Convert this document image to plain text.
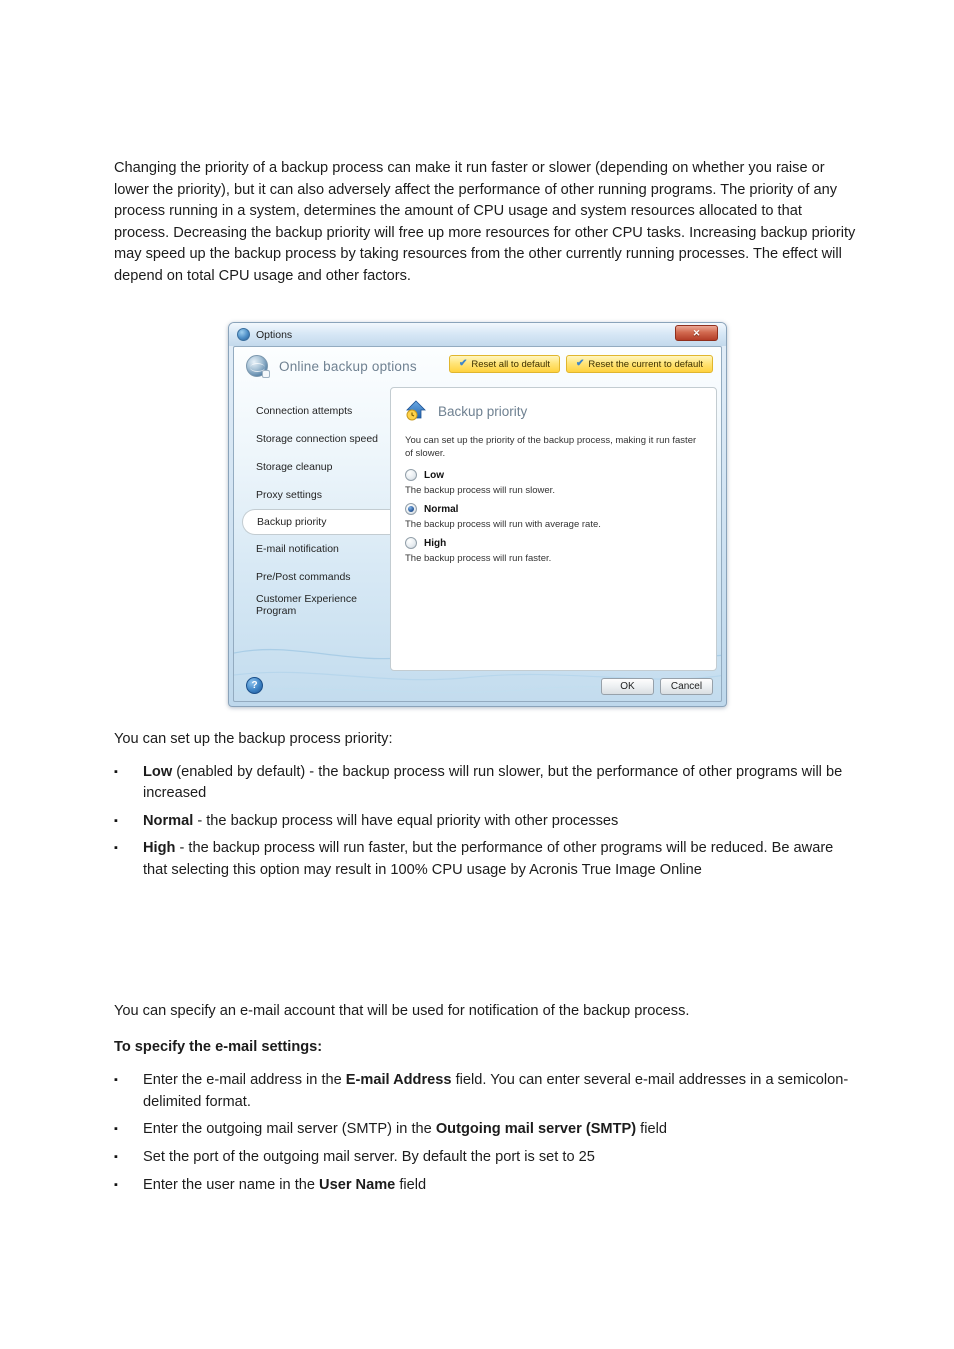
Changing the priority of a backup process can make it run faster or slower (depending on whether you raise or lower the priority), but it can also adversely affect the performance of other running programs. The priority of any process running in a system, determines the amount of CPU usage and system resources allocated to that process. Decreasing the backup priority will free up more resources for other CPU tasks. Increasing backup priority may speed up the backup process by taking resources from the other currently running processes. The effect will depend on total CPU usage and other factors.
Options	✕
Online backup options	✔ Reset all to default	✔ Reset the current to default
Connection attempts
Storage connection speed
Storage cleanup
Proxy settings
Backup priority
E-mail notification
Pre/Post commands
Customer Experience Program
Backup priority
You can set up the priority of the backup process, making it run faster of slower.
Low
The backup process will run slower.
Normal
The backup process will run with average rate.
High
The backup process will run faster.
?	OK	Cancel

You can set up the backup process priority:

▪	Low (enabled by default) - the backup process will run slower, but the performance of other programs will be increased
▪	Normal - the backup process will have equal priority with other processes
▪	High - the backup process will run faster, but the performance of other programs will be reduced. Be aware that selecting this option may result in 100% CPU usage by Acronis True Image Online

You can specify an e-mail account that will be used for notification of the backup process.

To specify the e-mail settings:

▪	Enter the e-mail address in the E-mail Address field. You can enter several e-mail addresses in a semicolon-delimited format.
▪	Enter the outgoing mail server (SMTP) in the Outgoing mail server (SMTP) field
▪	Set the port of the outgoing mail server. By default the port is set to 25
▪	Enter the user name in the User Name field
